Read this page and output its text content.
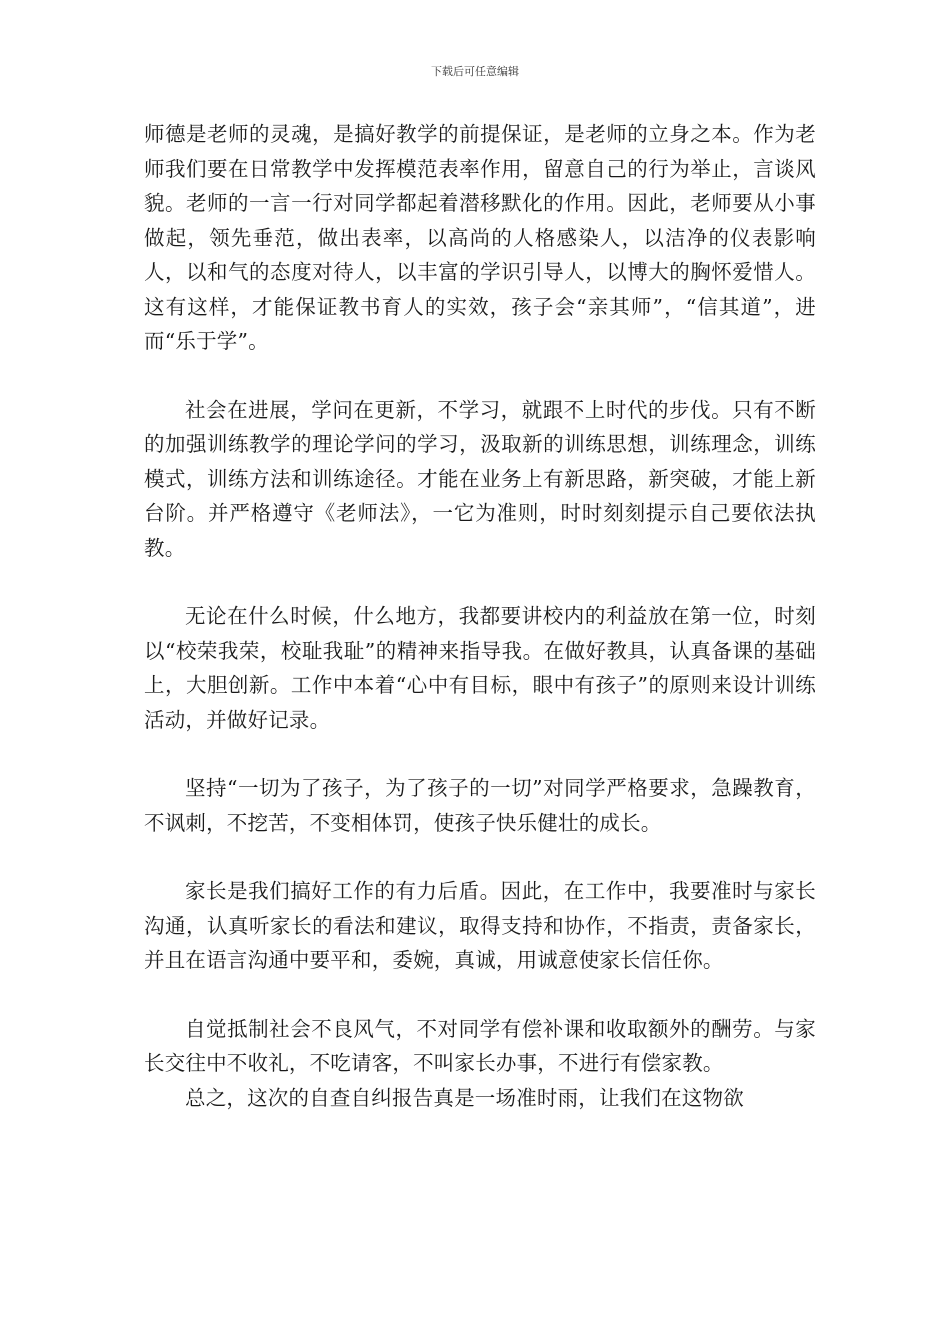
下载后可任意编辑

师德是老师的灵魂，是搞好教学的前提保证，是老师的立身之本。作为老师我们要在日常教学中发挥模范表率作用，留意自己的行为举止，言谈风貌。老师的一言一行对同学都起着潜移默化的作用。因此，老师要从小事做起，领先垂范，做出表率，以高尚的人格感染人，以洁净的仪表影响人，以和气的态度对待人，以丰富的学识引导人，以博大的胸怀爱惜人。这有这样，才能保证教书育人的实效，孩子会“亲其师”，“信其道”，进而“乐于学”。

社会在进展，学问在更新，不学习，就跟不上时代的步伐。只有不断的加强训练教学的理论学问的学习，汲取新的训练思想，训练理念，训练模式，训练方法和训练途径。才能在业务上有新思路，新突破，才能上新台阶。并严格遵守《老师法》，一它为准则，时时刻刻提示自己要依法执教。

无论在什么时候，什么地方，我都要讲校内的利益放在第一位，时刻以“校荣我荣，校耻我耻”的精神来指导我。在做好教具，认真备课的基础上，大胆创新。工作中本着“心中有目标，眼中有孩子”的原则来设计训练活动，并做好记录。

坚持“一切为了孩子，为了孩子的一切”对同学严格要求，急躁教育，不讽刺，不挖苦，不变相体罚，使孩子快乐健壮的成长。

家长是我们搞好工作的有力后盾。因此，在工作中，我要准时与家长沟通，认真听家长的看法和建议，取得支持和协作，不指责，责备家长，并且在语言沟通中要平和，委婉，真诚，用诚意使家长信任你。

自觉抵制社会不良风气，不对同学有偿补课和收取额外的酬劳。与家长交往中不收礼，不吃请客，不叫家长办事，不进行有偿家教。

总之，这次的自查自纠报告真是一场准时雨，让我们在这物欲
